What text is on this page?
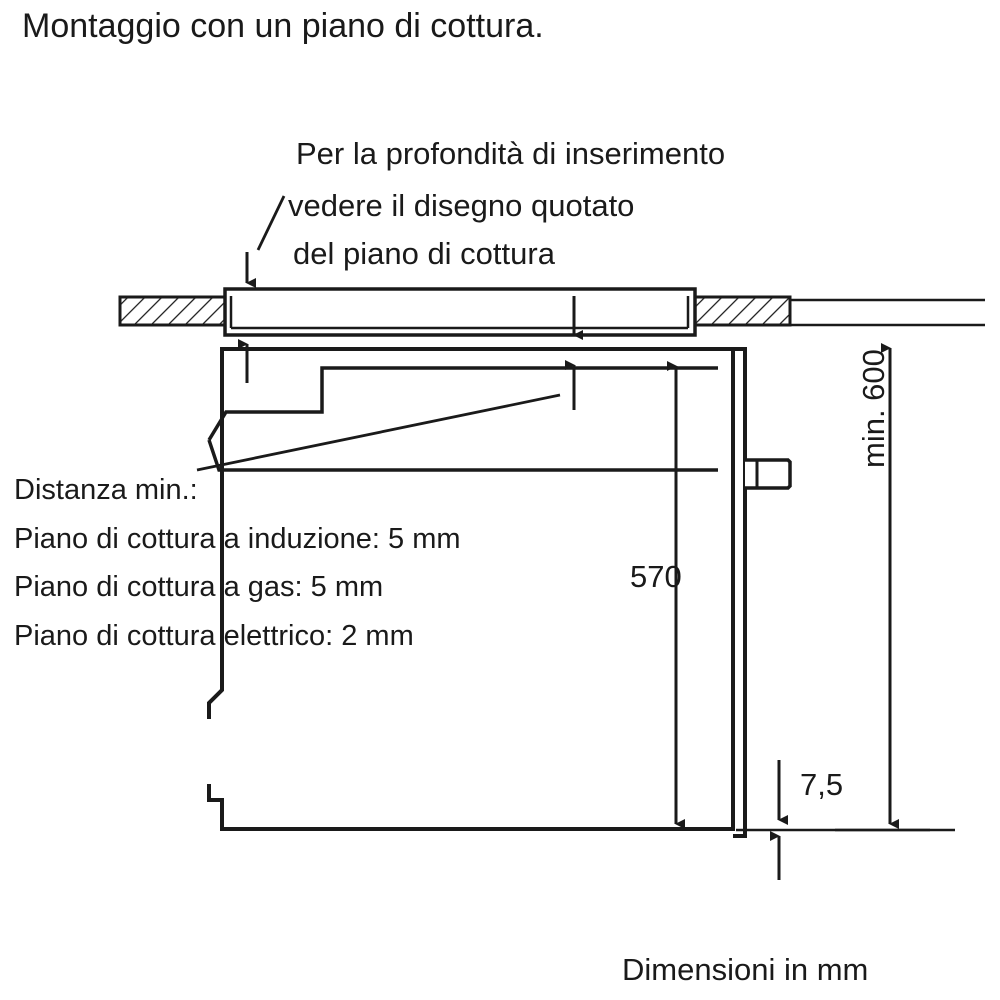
Montaggio con un piano di cottura.
Per la profondità di inserimento
vedere il disegno quotato
del piano di cottura
Distanza min.:
Piano di cottura a induzione: 5 mm
Piano di cottura a gas: 5 mm
Piano di cottura elettrico: 2 mm
570
7,5
min. 600
Dimensioni in mm
